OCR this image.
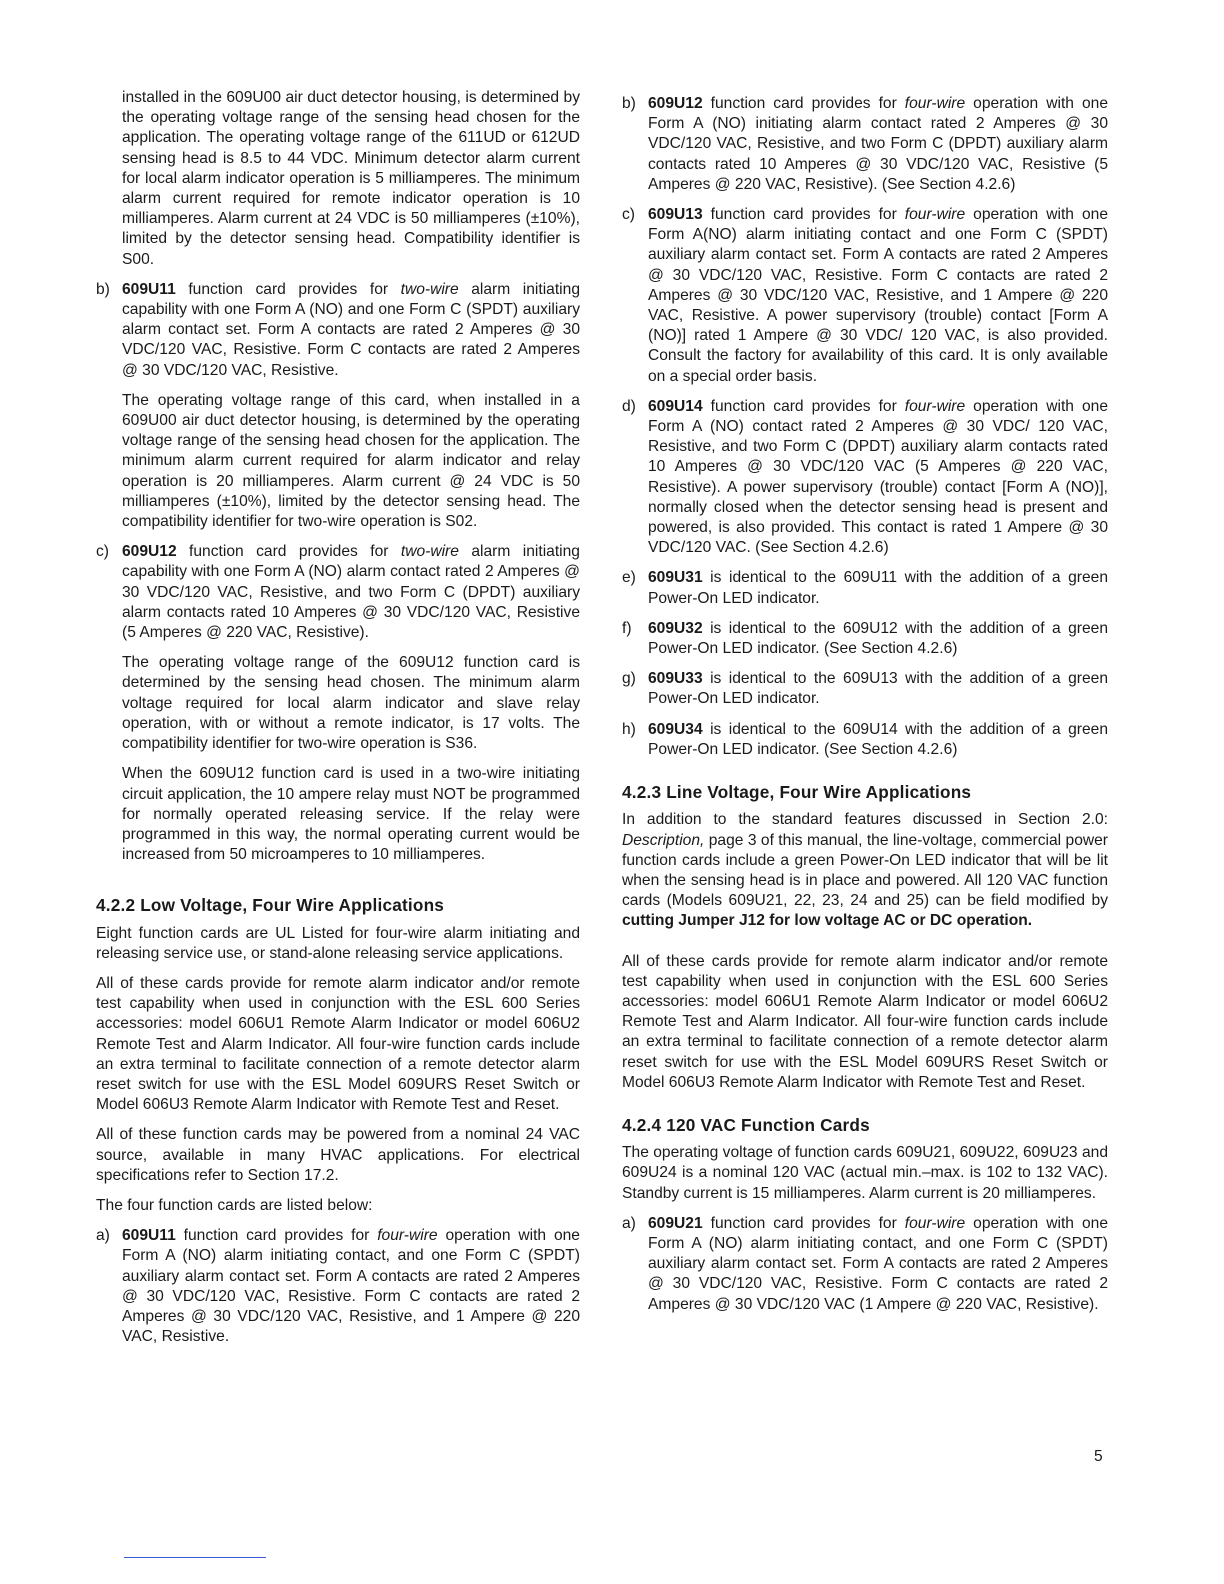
installed in the 609U00 air duct detector housing, is determined by the operating voltage range of the sensing head chosen for the application. The operating voltage range of the 611UD or 612UD sensing head is 8.5 to 44 VDC. Minimum detector alarm current for local alarm indicator operation is 5 milliamperes. The minimum alarm current required for remote indicator operation is 10 milliamperes. Alarm current at 24 VDC is 50 milliamperes (±10%), limited by the detector sensing head. Compatibility identifier is S00.

b) 609U11 function card provides for two-wire alarm initiating capability with one Form A (NO) and one Form C (SPDT) auxiliary alarm contact set. Form A contacts are rated 2 Amperes @ 30 VDC/120 VAC, Resistive. Form C contacts are rated 2 Amperes @ 30 VDC/120 VAC, Resistive.

The operating voltage range of this card, when installed in a 609U00 air duct detector housing, is determined by the operating voltage range of the sensing head chosen for the application. The minimum alarm current required for alarm indicator and relay operation is 20 milliamperes. Alarm current @ 24 VDC is 50 milliamperes (±10%), limited by the detector sensing head. The compatibility identifier for two-wire operation is S02.

c) 609U12 function card provides for two-wire alarm initiating capability with one Form A (NO) alarm contact rated 2 Amperes @ 30 VDC/120 VAC, Resistive, and two Form C (DPDT) auxiliary alarm contacts rated 10 Amperes @ 30 VDC/120 VAC, Resistive (5 Amperes @ 220 VAC, Resistive).

The operating voltage range of the 609U12 function card is determined by the sensing head chosen. The minimum alarm voltage required for local alarm indicator and slave relay operation, with or without a remote indicator, is 17 volts. The compatibility identifier for two-wire operation is S36.

When the 609U12 function card is used in a two-wire initiating circuit application, the 10 ampere relay must NOT be programmed for normally operated releasing service. If the relay were programmed in this way, the normal operating current would be increased from 50 microamperes to 10 milliamperes.

4.2.2 Low Voltage, Four Wire Applications

Eight function cards are UL Listed for four-wire alarm initiating and releasing service use, or stand-alone releasing service applications.

All of these cards provide for remote alarm indicator and/or remote test capability when used in conjunction with the ESL 600 Series accessories: model 606U1 Remote Alarm Indicator or model 606U2 Remote Test and Alarm Indicator. All four-wire function cards include an extra terminal to facilitate connection of a remote detector alarm reset switch for use with the ESL Model 609URS Reset Switch or Model 606U3 Remote Alarm Indicator with Remote Test and Reset.

All of these function cards may be powered from a nominal 24 VAC source, available in many HVAC applications. For electrical specifications refer to Section 17.2.

The four function cards are listed below:

a) 609U11 function card provides for four-wire operation with one Form A (NO) alarm initiating contact, and one Form C (SPDT) auxiliary alarm contact set. Form A contacts are rated 2 Amperes @ 30 VDC/120 VAC, Resistive. Form C contacts are rated 2 Amperes @ 30 VDC/120 VAC, Resistive, and 1 Ampere @ 220 VAC, Resistive.

b) 609U12 function card provides for four-wire operation with one Form A (NO) initiating alarm contact rated 2 Amperes @ 30 VDC/120 VAC, Resistive, and two Form C (DPDT) auxiliary alarm contacts rated 10 Amperes @ 30 VDC/120 VAC, Resistive (5 Amperes @ 220 VAC, Resistive). (See Section 4.2.6)

c) 609U13 function card provides for four-wire operation with one Form A(NO) alarm initiating contact and one Form C (SPDT) auxiliary alarm contact set. Form A contacts are rated 2 Amperes @ 30 VDC/120 VAC, Resistive. Form C contacts are rated 2 Amperes @ 30 VDC/120 VAC, Resistive, and 1 Ampere @ 220 VAC, Resistive. A power supervisory (trouble) contact [Form A (NO)] rated 1 Ampere @ 30 VDC/ 120 VAC, is also provided. Consult the factory for availability of this card. It is only available on a special order basis.

d) 609U14 function card provides for four-wire operation with one Form A (NO) contact rated 2 Amperes @ 30 VDC/ 120 VAC, Resistive, and two Form C (DPDT) auxiliary alarm contacts rated 10 Amperes @ 30 VDC/120 VAC (5 Amperes @ 220 VAC, Resistive). A power supervisory (trouble) contact [Form A (NO)], normally closed when the detector sensing head is present and powered, is also provided. This contact is rated 1 Ampere @ 30 VDC/120 VAC. (See Section 4.2.6)

e) 609U31 is identical to the 609U11 with the addition of a green Power-On LED indicator.

f) 609U32 is identical to the 609U12 with the addition of a green Power-On LED indicator. (See Section 4.2.6)

g) 609U33 is identical to the 609U13 with the addition of a green Power-On LED indicator.

h) 609U34 is identical to the 609U14 with the addition of a green Power-On LED indicator. (See Section 4.2.6)

4.2.3 Line Voltage, Four Wire Applications

In addition to the standard features discussed in Section 2.0: Description, page 3 of this manual, the line-voltage, commercial power function cards include a green Power-On LED indicator that will be lit when the sensing head is in place and powered. All 120 VAC function cards (Models 609U21, 22, 23, 24 and 25) can be field modified by cutting Jumper J12 for low voltage AC or DC operation.

All of these cards provide for remote alarm indicator and/or remote test capability when used in conjunction with the ESL 600 Series accessories: model 606U1 Remote Alarm Indicator or model 606U2 Remote Test and Alarm Indicator. All four-wire function cards include an extra terminal to facilitate connection of a remote detector alarm reset switch for use with the ESL Model 609URS Reset Switch or Model 606U3 Remote Alarm Indicator with Remote Test and Reset.

4.2.4 120 VAC Function Cards

The operating voltage of function cards 609U21, 609U22, 609U23 and 609U24 is a nominal 120 VAC (actual min.–max. is 102 to 132 VAC). Standby current is 15 milliamperes. Alarm current is 20 milliamperes.

a) 609U21 function card provides for four-wire operation with one Form A (NO) alarm initiating contact, and one Form C (SPDT) auxiliary alarm contact set. Form A contacts are rated 2 Amperes @ 30 VDC/120 VAC, Resistive. Form C contacts are rated 2 Amperes @ 30 VDC/120 VAC (1 Ampere @ 220 VAC, Resistive).

5
